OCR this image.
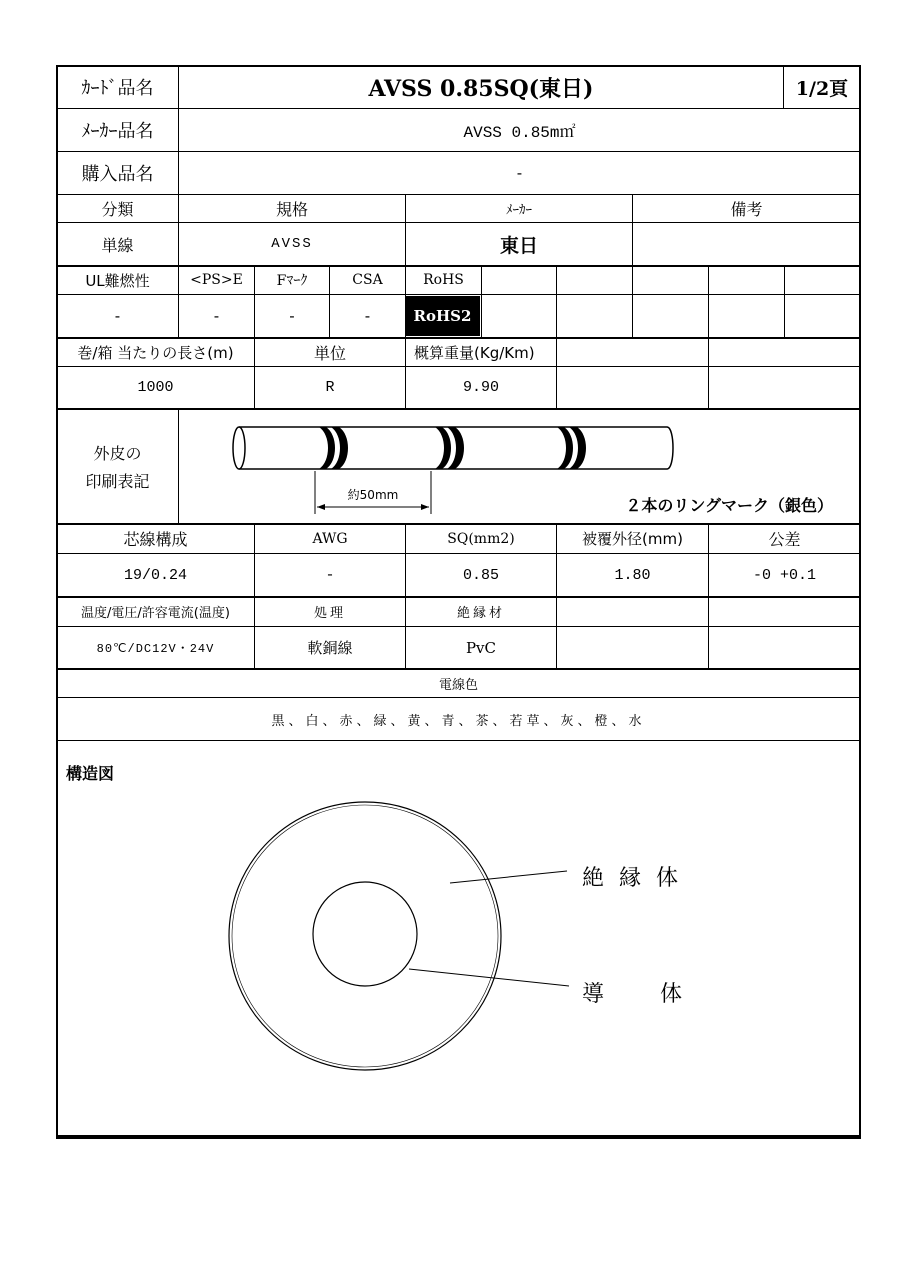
ｶｰﾄﾞ品名	AVSS 0.85SQ(東日)	1/2頁
ﾒｰｶｰ品名	AVSS 0.85m㎡
購入品名	-
分類	規格	ﾒｰｶｰ	備考
単線	AVSS	東日
UL難燃性	<PS>E	Fﾏｰｸ	CSA	RoHS
-	-	-	-	RoHS2
巻/箱 当たりの長さ(m)	単位	概算重量(Kg/Km)
1000	R	9.90
外皮の
印刷表記
約50mm
２本のリングマーク（銀色）
芯線構成	AWG	SQ(mm2)	被覆外径(mm)	公差
19/0.24	-	0.85	1.80	-0 +0.1
温度/電圧/許容電流(温度)	処理	絶縁材
80℃/DC12V・24V	軟銅線	PvC
電線色
黒、白、赤、緑、黄、青、茶、若草、灰、橙、水
構造図
絶 縁 体
導　　体
